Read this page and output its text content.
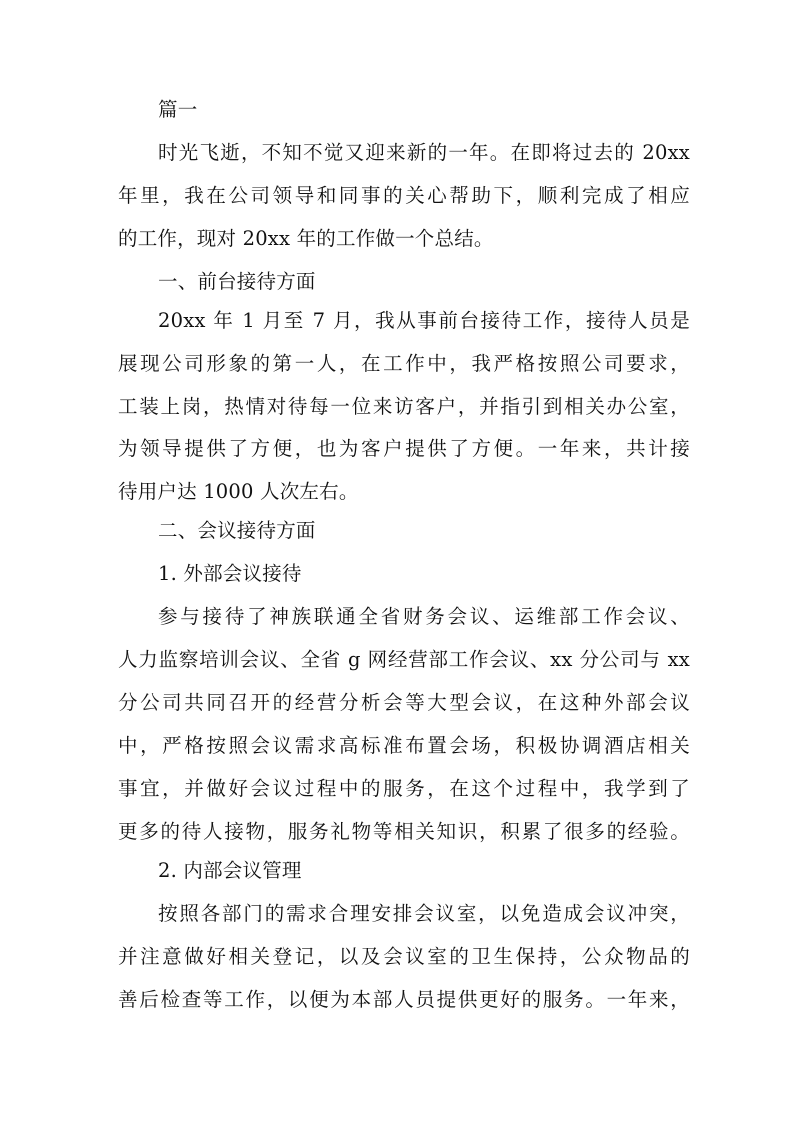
篇一
时光飞逝，不知不觉又迎来新的一年。在即将过去的 20xx
年里，我在公司领导和同事的关心帮助下，顺利完成了相应
的工作，现对 20xx 年的工作做一个总结。
一、前台接待方面
20xx 年 1 月至 7 月，我从事前台接待工作，接待人员是
展现公司形象的第一人，在工作中，我严格按照公司要求，
工装上岗，热情对待每一位来访客户，并指引到相关办公室，
为领导提供了方便，也为客户提供了方便。一年来，共计接
待用户达 1000 人次左右。
二、会议接待方面
1. 外部会议接待
参与接待了神族联通全省财务会议、运维部工作会议、
人力监察培训会议、全省 g 网经营部工作会议、xx 分公司与 xx
分公司共同召开的经营分析会等大型会议，在这种外部会议
中，严格按照会议需求高标准布置会场，积极协调酒店相关
事宜，并做好会议过程中的服务，在这个过程中，我学到了
更多的待人接物，服务礼物等相关知识，积累了很多的经验。
2. 内部会议管理
按照各部门的需求合理安排会议室，以免造成会议冲突，
并注意做好相关登记，以及会议室的卫生保持，公众物品的
善后检查等工作，以便为本部人员提供更好的服务。一年来，
